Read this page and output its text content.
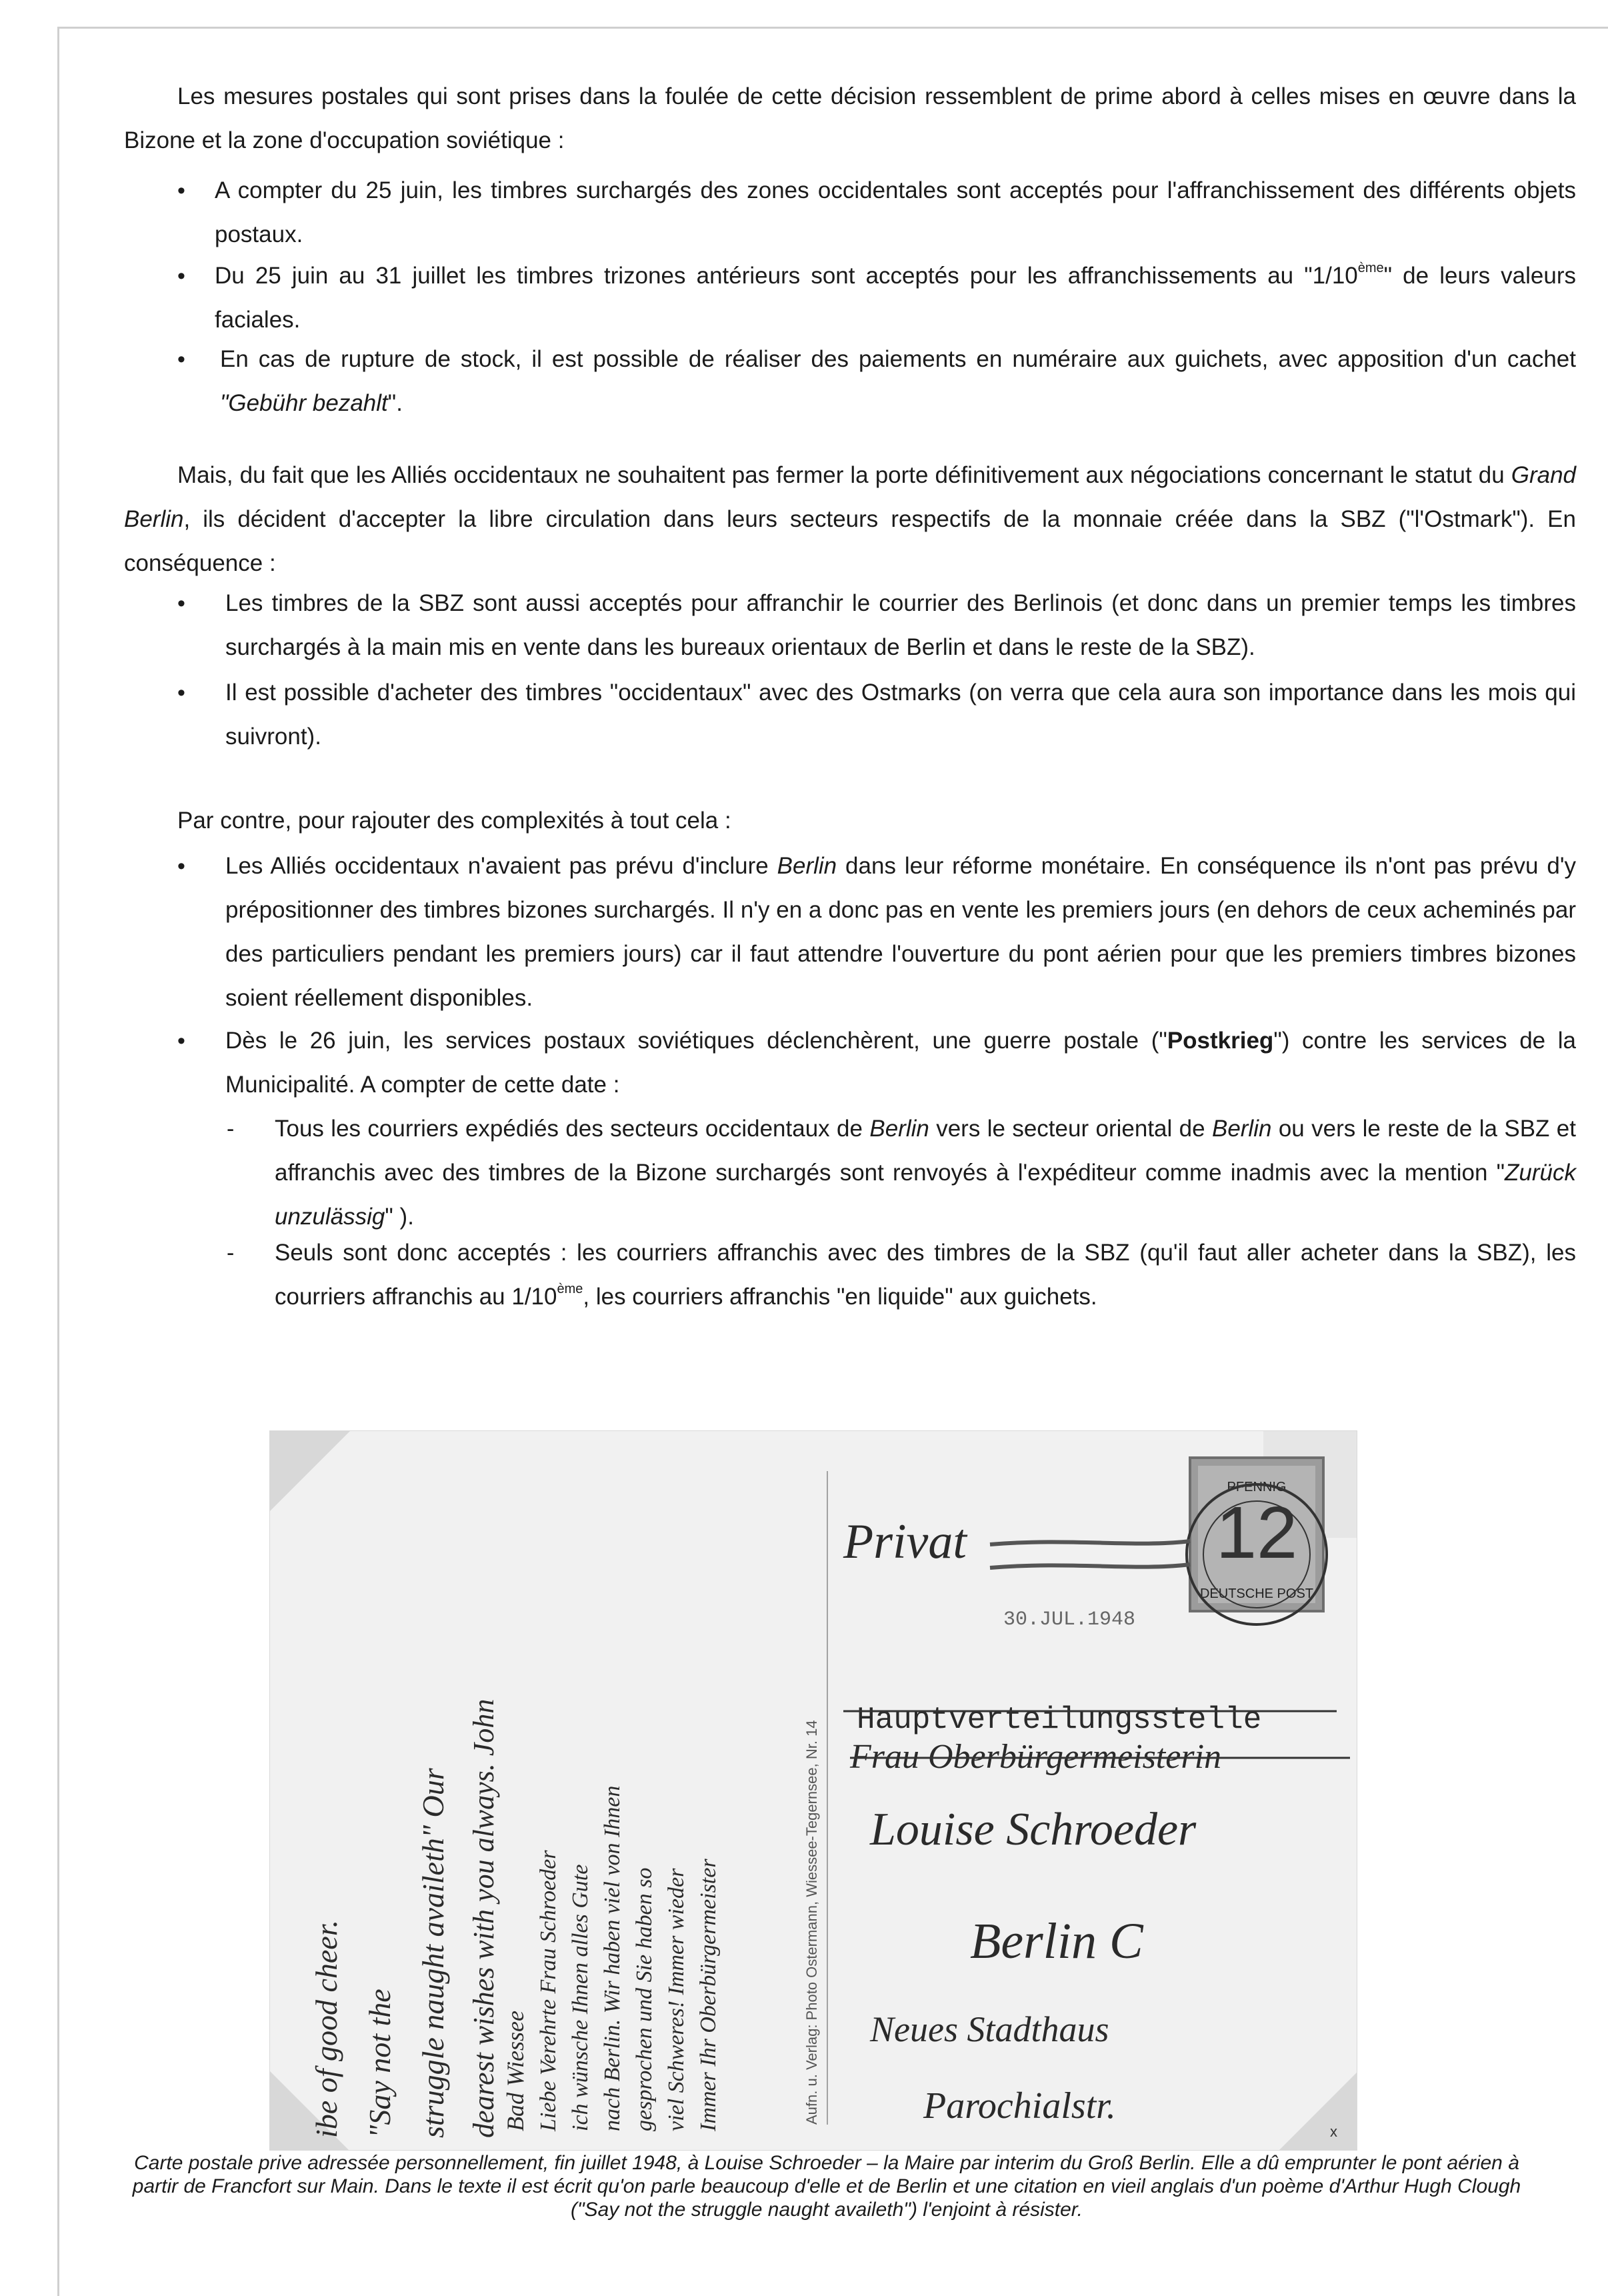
Les mesures postales qui sont prises dans la foulée de cette décision ressemblent de prime abord à celles mises en œuvre dans la Bizone et la zone d'occupation soviétique :
• A compter du 25 juin, les timbres surchargés des zones occidentales sont acceptés pour l'affranchissement des différents objets postaux.
• Du 25 juin au 31 juillet les timbres trizones antérieurs sont acceptés pour les affranchissements au "1/10ème" de leurs valeurs faciales.
• En cas de rupture de stock, il est possible de réaliser des paiements en numéraire aux guichets, avec apposition d'un cachet "Gebühr bezahlt".
Mais, du fait que les Alliés occidentaux ne souhaitent pas fermer la porte définitivement aux négociations concernant le statut du Grand Berlin, ils décident d'accepter la libre circulation dans leurs secteurs respectifs de la monnaie créée dans la SBZ ("l'Ostmark"). En conséquence :
• Les timbres de la SBZ sont aussi acceptés pour affranchir le courrier des Berlinois (et donc dans un premier temps les timbres surchargés à la main mis en vente dans les bureaux orientaux de Berlin et dans le reste de la SBZ).
• Il est possible d'acheter des timbres "occidentaux" avec des Ostmarks (on verra que cela aura son importance dans les mois qui suivront).
Par contre, pour rajouter des complexités à tout cela :
• Les Alliés occidentaux n'avaient pas prévu d'inclure Berlin dans leur réforme monétaire. En conséquence ils n'ont pas prévu d'y prépositionner des timbres bizones surchargés. Il n'y en a donc pas en vente les premiers jours (en dehors de ceux acheminés par des particuliers pendant les premiers jours) car il faut attendre l'ouverture du pont aérien pour que les premiers timbres bizones soient réellement disponibles.
• Dès le 26 juin, les services postaux soviétiques déclenchèrent, une guerre postale ("Postkrieg") contre les services de la Municipalité. A compter de cette date :
- Tous les courriers expédiés des secteurs occidentaux de Berlin vers le secteur oriental de Berlin ou vers le reste de la SBZ et affranchis avec des timbres de la Bizone surchargés sont renvoyés à l'expéditeur comme inadmis avec la mention "Zurück unzulässig" ).
- Seuls sont donc acceptés : les courriers affranchis avec des timbres de la SBZ (qu'il faut aller acheter dans la SBZ), les courriers affranchis au 1/10ème, les courriers affranchis "en liquide" aux guichets.
ibe of good cheer. "Say not the struggle naught availeth" Our dearest wishes with you always. John Bad Wiessee Liebe Verehrte Frau Schroeder ich wünsche Ihnen alles Gute nach Berlin. Wir haben viel von Ihnen gesprochen und Sie haben so viel Schweres! Immer wieder Immer Ihr Oberbürgermeister	Aufn. u. Verlag: Photo Ostermann, Wiessee-Tegernsee, Nr. 14
Privat
Hauptverteilungsstelle
Frau Oberbürgermeisterin
Louise Schroeder
Berlin C
Neues Stadthaus
Parochialstr.
PFENNIG
12
DEUTSCHE POST
30.JUL.1948
x
Carte postale prive adressée personnellement, fin juillet 1948, à Louise Schroeder – la Maire par interim du Groß Berlin. Elle a dû emprunter le pont aérien à partir de Francfort sur Main. Dans le texte il est écrit qu'on parle beaucoup d'elle et de Berlin et une citation en vieil anglais d'un poème d'Arthur Hugh Clough ("Say not the struggle naught availeth") l'enjoint à résister.
